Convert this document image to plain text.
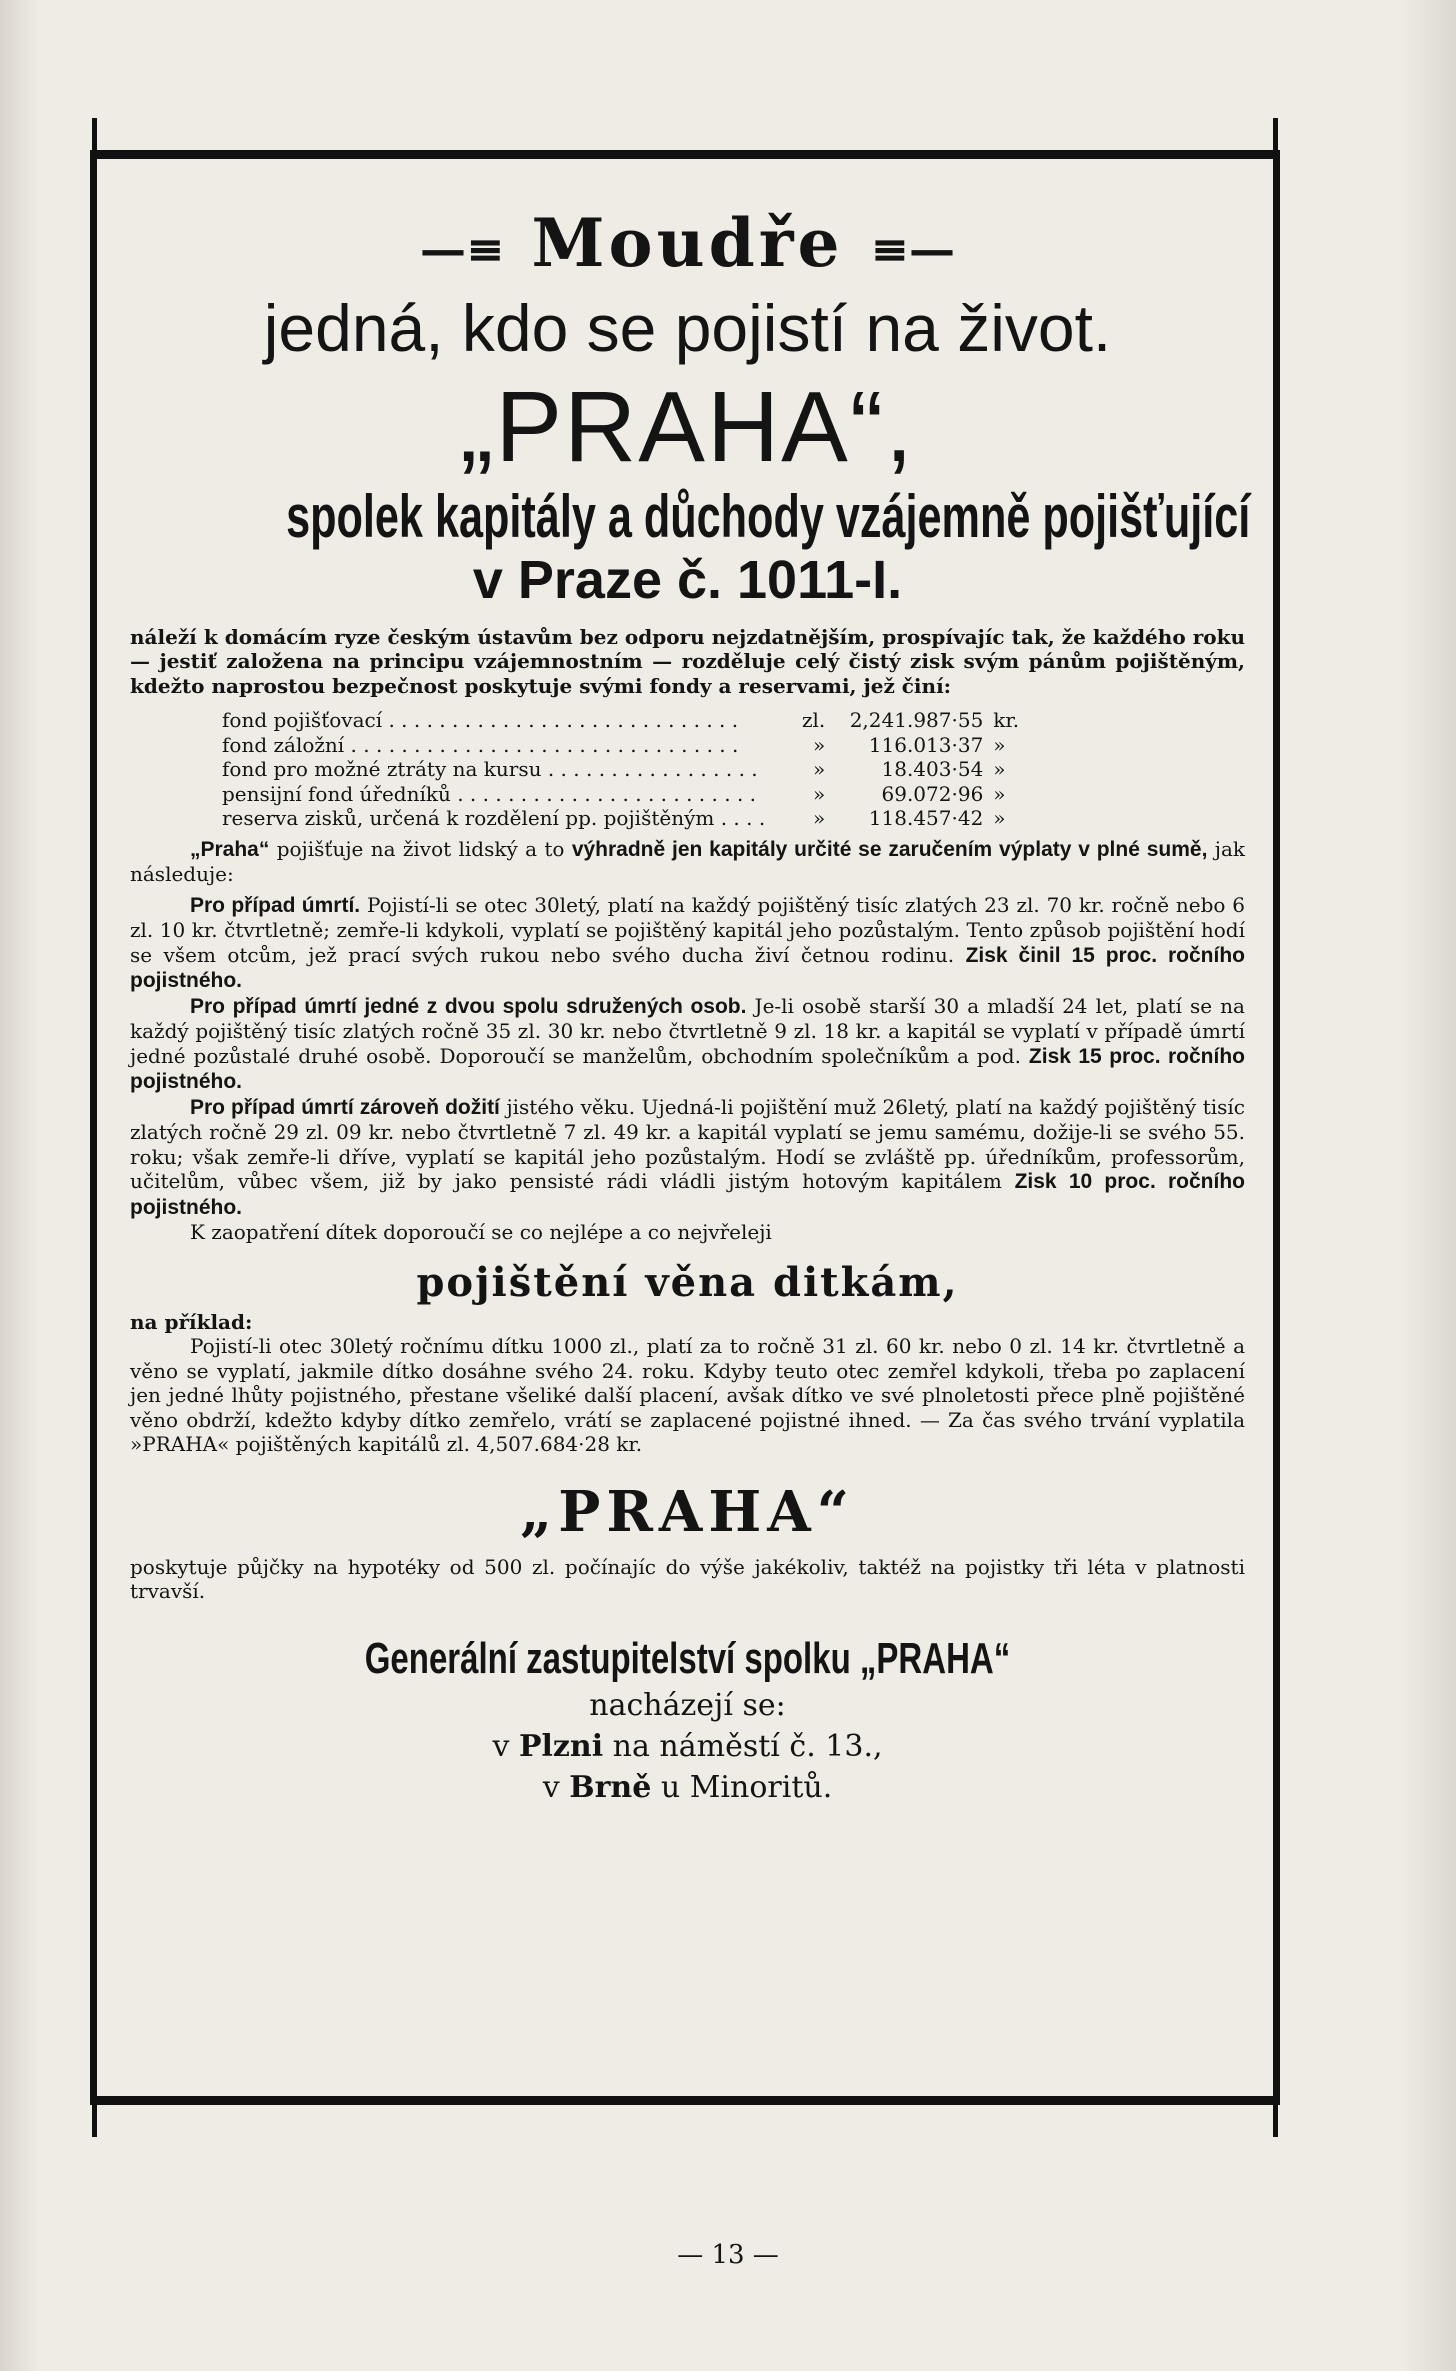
—≡ Moudře ≡—
jedná, kdo se pojistí na život.
„PRAHA“,
spolek kapitály a důchody vzájemně pojišťující
v Praze č. 1011-I.

náleží k domácím ryze českým ústavům bez odporu nejzdatnějším, prospívajíc tak, že každého roku — jestiť založena na principu vzájemnostním — rozděluje celý čistý zisk svým pánům pojištěným, kdežto naprostou bezpečnost poskytuje svými fondy a reservami, jež činí:

fond pojišťovací . . . . . . . . . . . . . . . . . . . . . . . . . . . .	zl.	2,241.987·55	kr.
fond záložní . . . . . . . . . . . . . . . . . . . . . . . . . . . . . . .	»	116.013·37	»
fond pro možné ztráty na kursu . . . . . . . . . . . . . . . . .	»	18.403·54	»
pensijní fond úředníků . . . . . . . . . . . . . . . . . . . . . . . .	»	69.072·96	»
reserva zisků, určená k rozdělení pp. pojištěným . . . .	»	118.457·42	»

„Praha“ pojišťuje na život lidský a to výhradně jen kapitály určité se zaručením výplaty v plné sumě, jak následuje:

Pro případ úmrtí. Pojistí-li se otec 30letý, platí na každý pojištěný tisíc zlatých 23 zl. 70 kr. ročně nebo 6 zl. 10 kr. čtvrtletně; zemře-li kdykoli, vyplatí se pojištěný kapitál jeho pozůstalým. Tento způsob pojištění hodí se všem otcům, jež prací svých rukou nebo svého ducha živí četnou rodinu. Zisk činil 15 proc. ročního pojistného.

Pro případ úmrtí jedné z dvou spolu sdružených osob. Je-li osobě starší 30 a mladší 24 let, platí se na každý pojištěný tisíc zlatých ročně 35 zl. 30 kr. nebo čtvrtletně 9 zl. 18 kr. a kapitál se vyplatí v případě úmrtí jedné pozůstalé druhé osobě. Doporoučí se manželům, obchodním společníkům a pod. Zisk 15 proc. ročního pojistného.

Pro případ úmrtí zároveň dožití jistého věku. Ujedná-li pojištění muž 26letý, platí na každý pojištěný tisíc zlatých ročně 29 zl. 09 kr. nebo čtvrtletně 7 zl. 49 kr. a kapitál vyplatí se jemu samému, dožije-li se svého 55. roku; však zemře-li dříve, vyplatí se kapitál jeho pozůstalým. Hodí se zvláště pp. úředníkům, professorům, učitelům, vůbec všem, již by jako pensisté rádi vládli jistým hotovým kapitálem Zisk 10 proc. ročního pojistného.

K zaopatření dítek doporoučí se co nejlépe a co nejvřeleji

pojištění věna ditkám,

na příklad:

Pojistí-li otec 30letý ročnímu dítku 1000 zl., platí za to ročně 31 zl. 60 kr. nebo 0 zl. 14 kr. čtvrtletně a věno se vyplatí, jakmile dítko dosáhne svého 24. roku. Kdyby teuto otec zemřel kdykoli, třeba po zaplacení jen jedné lhůty pojistného, přestane všeliké další placení, avšak dítko ve své plnoletosti přece plně pojištěné věno obdrží, kdežto kdyby dítko zemřelo, vrátí se zaplacené pojistné ihned. — Za čas svého trvání vyplatila »PRAHA« pojištěných kapitálů zl. 4,507.684·28 kr.

„PRAHA“

poskytuje půjčky na hypotéky od 500 zl. počínajíc do výše jakékoliv, taktéž na pojistky tři léta v platnosti trvavší.

Generální zastupitelství spolku „PRAHA“
nacházejí se:
v Plzni na náměstí č. 13.,
v Brně u Minoritů.
— 13 —
